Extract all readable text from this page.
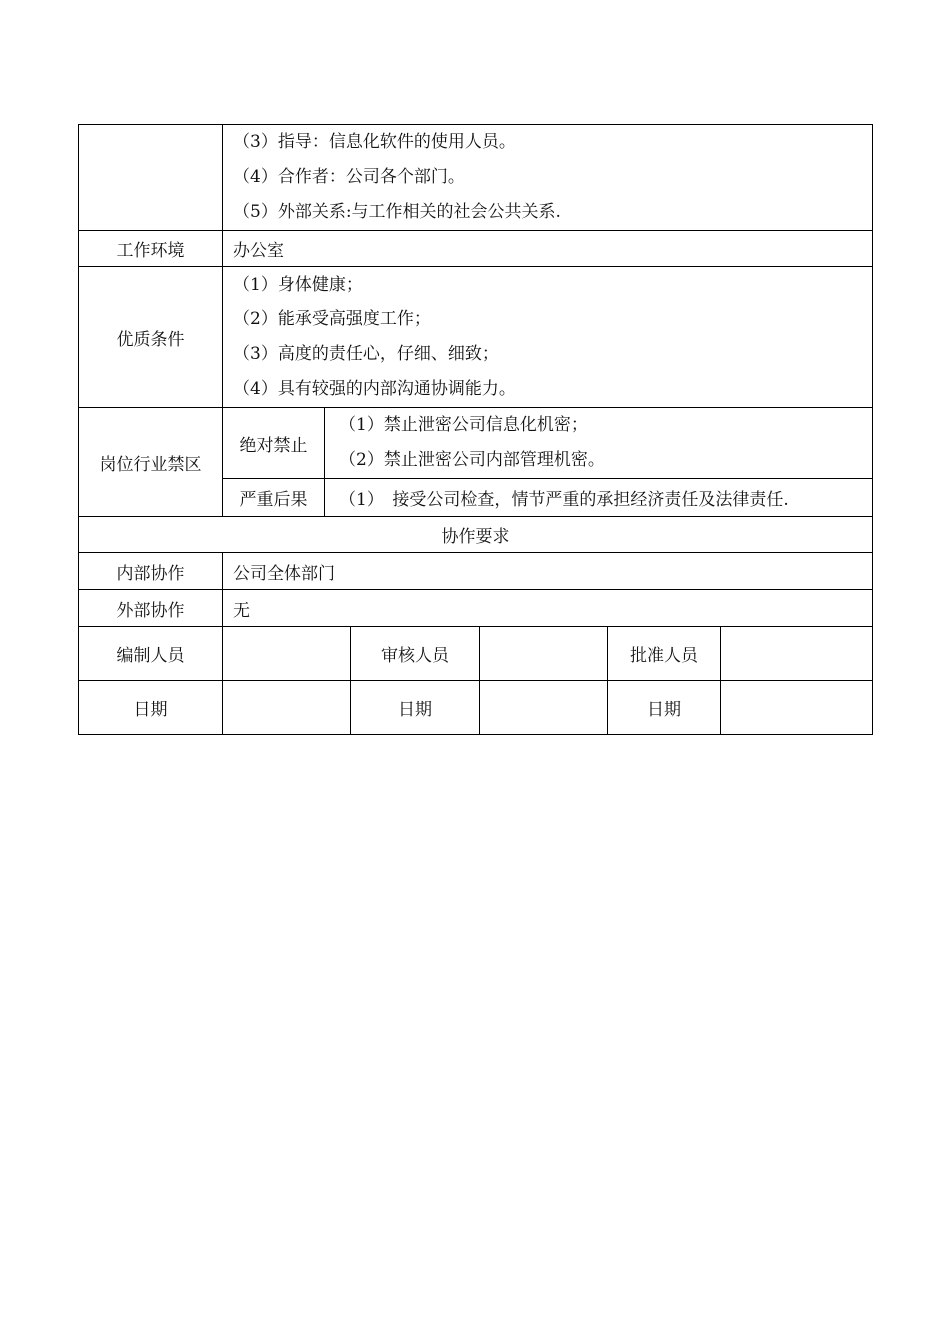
	（3）指导：信息化软件的使用人员。
（4）合作者：公司各个部门。
（5）外部关系:与工作相关的社会公共关系.					

工作环境	办公室					
优质条件	（1）身体健康；
（2）能承受高强度工作；
（3）高度的责任心，仔细、细致；
（4）具有较强的内部沟通协调能力。					

岗位行业禁区	绝对禁止	（1）禁止泄密公司信息化机密；
（2）禁止泄密公司内部管理机密。				

	严重后果	（1）　接受公司检查，情节严重的承担经济责任及法律责任.				
协作要求						
内部协作	公司全体部门					
外部协作	无					
编制人员			审核人员		批准人员	
日期			日期		日期	
